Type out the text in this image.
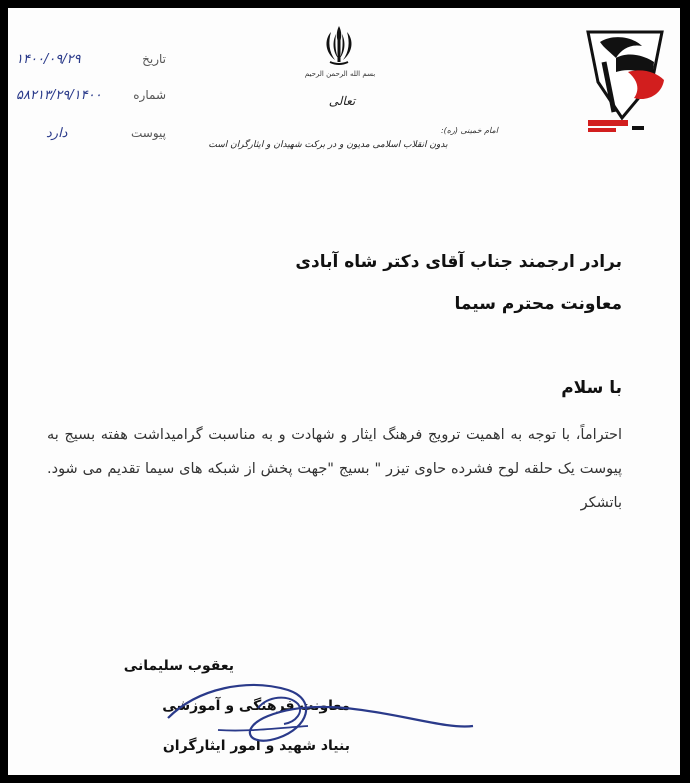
۱۴۰۰/۰۹/۲۹	تاریخ
۵۸۲۱۳/۲۹/۱۴۰۰	شماره
دارد	پیوست
بسم الله الرحمن الرحیم
تعالی
امام خمینی (ره):
بدون انقلاب اسلامی مدیون و در برکت شهیدان و ایثارگران است
برادر ارجمند جناب آقای دکتر شاه آبادی
معاونت محترم سیما
با سلام
احتراماً، با توجه به اهمیت ترویج فرهنگ ایثار و شهادت و به مناسبت گرامیداشت هفته بسیج به پیوست یک حلقه لوح فشرده حاوی تیزر " بسیج "جهت پخش از شبکه های سیما تقدیم می شود. باتشکر
یعقوب سلیمانی
معاونت فرهنگی و آموزشی
بنیاد شهید و امور ایثارگران
